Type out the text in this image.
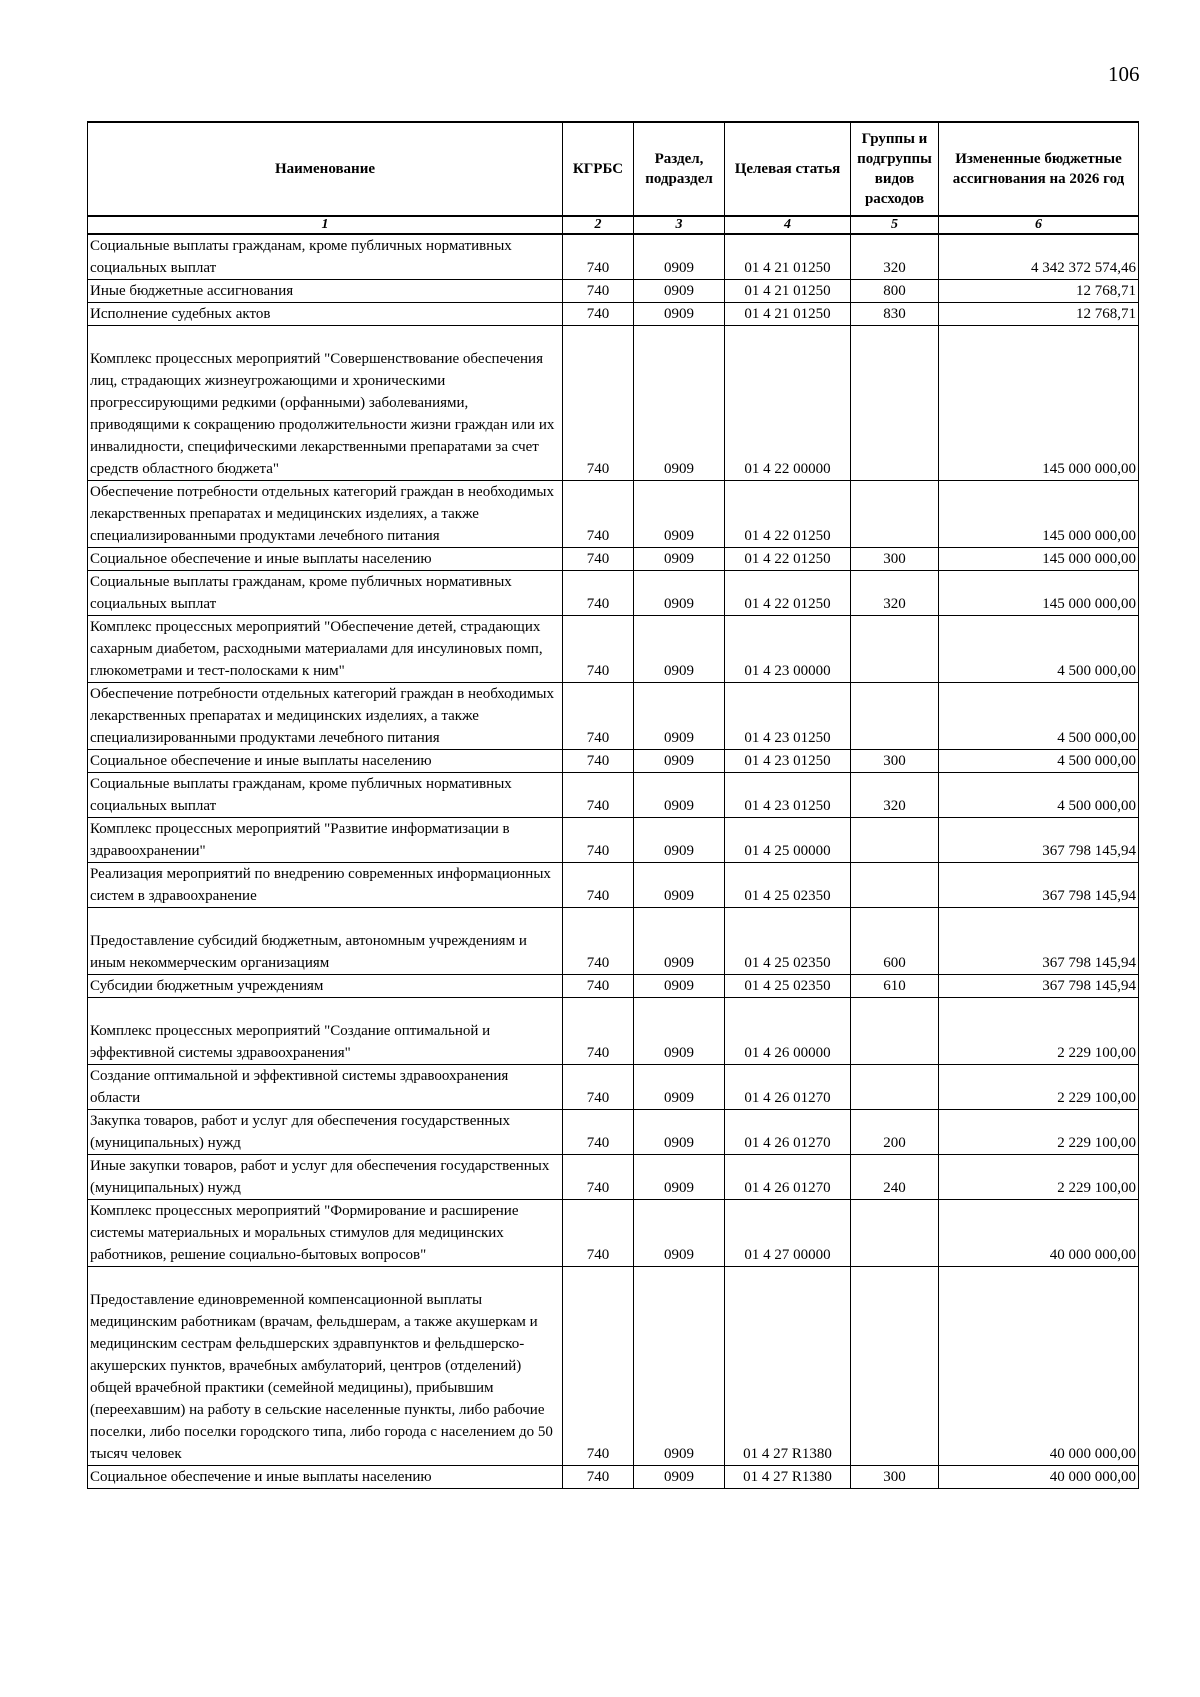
106
Наименование	КГРБС	Раздел, подраздел	Целевая статья	Группы и подгруппы видов расходов	Измененные бюджетные ассигнования на 2026 год
1	2	3	4	5	6
Социальные выплаты гражданам, кроме публичных нормативных социальных выплат	740	0909	01 4 21 01250	320	4 342 372 574,46
Иные бюджетные ассигнования	740	0909	01 4 21 01250	800	12 768,71
Исполнение судебных актов	740	0909	01 4 21 01250	830	12 768,71
Комплекс процессных мероприятий "Совершенствование обеспечения лиц, страдающих жизнеугрожающими и хроническими прогрессирующими редкими (орфанными) заболеваниями, приводящими к сокращению продолжительности жизни граждан или их инвалидности, специфическими лекарственными препаратами за счет средств областного бюджета"	740	0909	01 4 22 00000		145 000 000,00
Обеспечение потребности отдельных категорий граждан в необходимых лекарственных препаратах и медицинских изделиях, а также специализированными продуктами лечебного питания	740	0909	01 4 22 01250		145 000 000,00
Социальное обеспечение и иные выплаты населению	740	0909	01 4 22 01250	300	145 000 000,00
Социальные выплаты гражданам, кроме публичных нормативных социальных выплат	740	0909	01 4 22 01250	320	145 000 000,00
Комплекс процессных мероприятий "Обеспечение детей, страдающих сахарным диабетом, расходными материалами для инсулиновых помп, глюкометрами и тест-полосками к ним"	740	0909	01 4 23 00000		4 500 000,00
Обеспечение потребности отдельных категорий граждан в необходимых лекарственных препаратах и медицинских изделиях, а также специализированными продуктами лечебного питания	740	0909	01 4 23 01250		4 500 000,00
Социальное обеспечение и иные выплаты населению	740	0909	01 4 23 01250	300	4 500 000,00
Социальные выплаты гражданам, кроме публичных нормативных социальных выплат	740	0909	01 4 23 01250	320	4 500 000,00
Комплекс процессных мероприятий "Развитие информатизации в здравоохранении"	740	0909	01 4 25 00000		367 798 145,94
Реализация мероприятий по внедрению современных информационных систем в здравоохранение	740	0909	01 4 25 02350		367 798 145,94
Предоставление субсидий бюджетным, автономным учреждениям и иным некоммерческим организациям	740	0909	01 4 25 02350	600	367 798 145,94
Субсидии бюджетным учреждениям	740	0909	01 4 25 02350	610	367 798 145,94
Комплекс процессных мероприятий "Создание оптимальной и эффективной системы здравоохранения"	740	0909	01 4 26 00000		2 229 100,00
Создание оптимальной и эффективной системы здравоохранения области	740	0909	01 4 26 01270		2 229 100,00
Закупка товаров, работ и услуг для обеспечения государственных (муниципальных) нужд	740	0909	01 4 26 01270	200	2 229 100,00
Иные закупки товаров, работ и услуг для обеспечения государственных (муниципальных) нужд	740	0909	01 4 26 01270	240	2 229 100,00
Комплекс процессных мероприятий "Формирование и расширение системы материальных и моральных стимулов для медицинских работников, решение социально-бытовых вопросов"	740	0909	01 4 27 00000		40 000 000,00
Предоставление единовременной компенсационной выплаты медицинским работникам (врачам, фельдшерам, а также акушеркам и медицинским сестрам фельдшерских здравпунктов и фельдшерско-акушерских пунктов, врачебных амбулаторий, центров (отделений) общей врачебной практики (семейной медицины), прибывшим (переехавшим) на работу в сельские населенные пункты, либо рабочие поселки, либо поселки городского типа, либо города с населением до 50 тысяч человек	740	0909	01 4 27 R1380		40 000 000,00
Социальное обеспечение и иные выплаты населению	740	0909	01 4 27 R1380	300	40 000 000,00
